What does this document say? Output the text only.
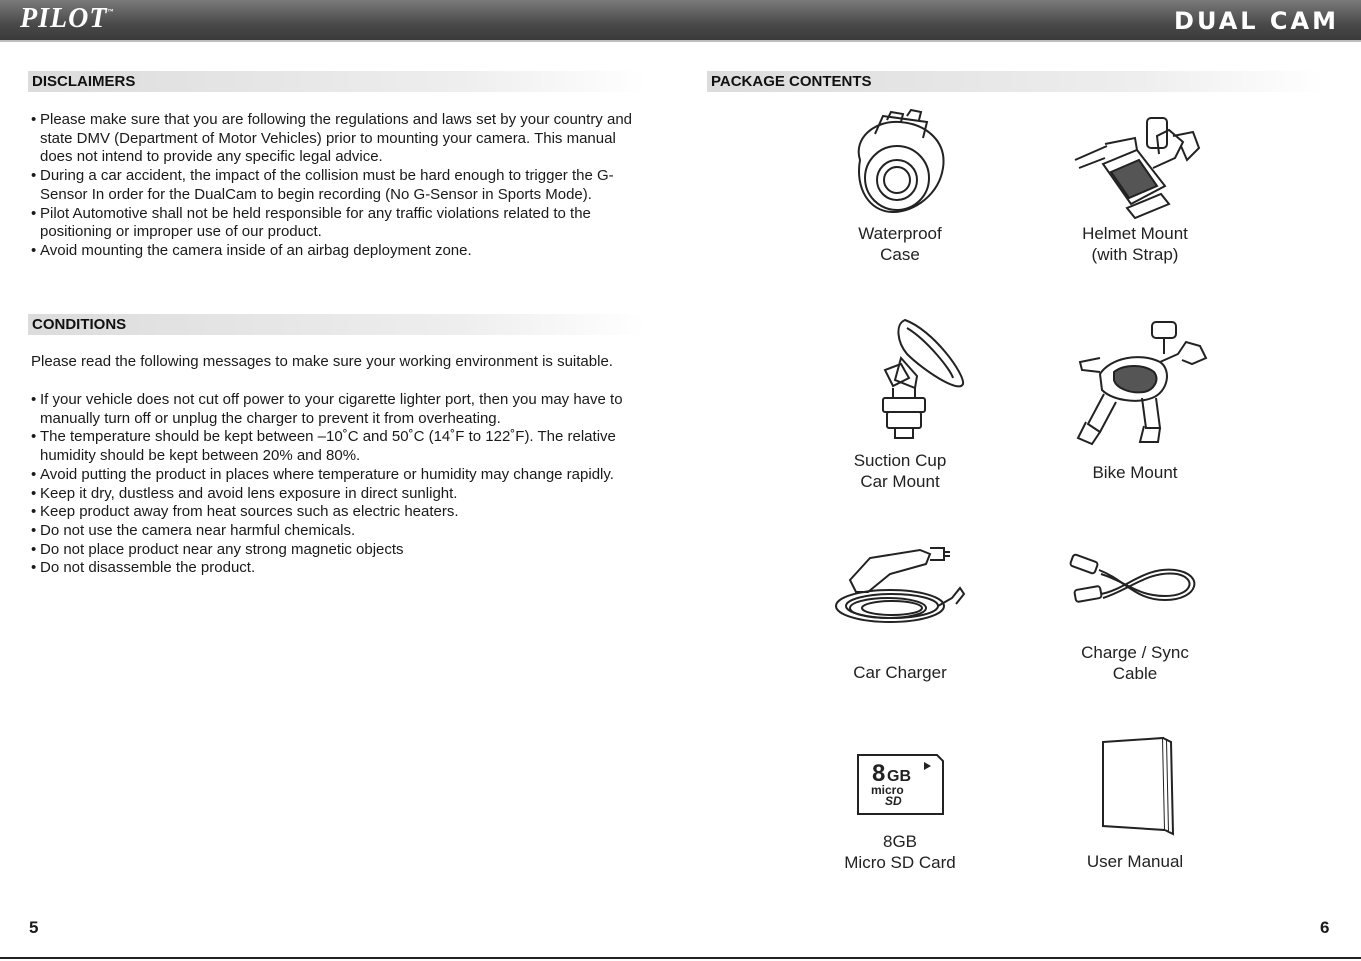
PILOT™	DUAL CAM
DISCLAIMERS
• Please make sure that you are following the regulations and laws set by your country and state DMV (Department of Motor Vehicles) prior to mounting your camera. This manual does not intend to provide any specific legal advice.
• During a car accident, the impact of the collision must be hard enough to trigger the G-Sensor In order for the DualCam to begin recording (No G-Sensor in Sports Mode).
• Pilot Automotive shall not be held responsible for any traffic violations related to the positioning or improper use of our product.
• Avoid mounting the camera inside of an airbag deployment zone.
CONDITIONS

Please read the following messages to make sure your working environment is suitable.

• If your vehicle does not cut off power to your cigarette lighter port, then you may have to manually turn off or unplug the charger to prevent it from overheating.
• The temperature should be kept between –10˚C and 50˚C (14˚F to 122˚F). The relative humidity should be kept between 20% and 80%.
• Avoid putting the product in places where temperature or humidity may change rapidly.
• Keep it dry, dustless and avoid lens exposure in direct sunlight.
• Keep product away from heat sources such as electric heaters.
• Do not use the camera near harmful chemicals.
• Do not place product near any strong magnetic objects
• Do not disassemble the product.
5
PACKAGE CONTENTS
Waterproof
Case
Helmet Mount
(with Strap)
Suction Cup
Car Mount	Bike Mount
Car Charger
Charge / Sync
Cable
8 GB
micro
SD
8GB
Micro SD Card	User Manual
6
